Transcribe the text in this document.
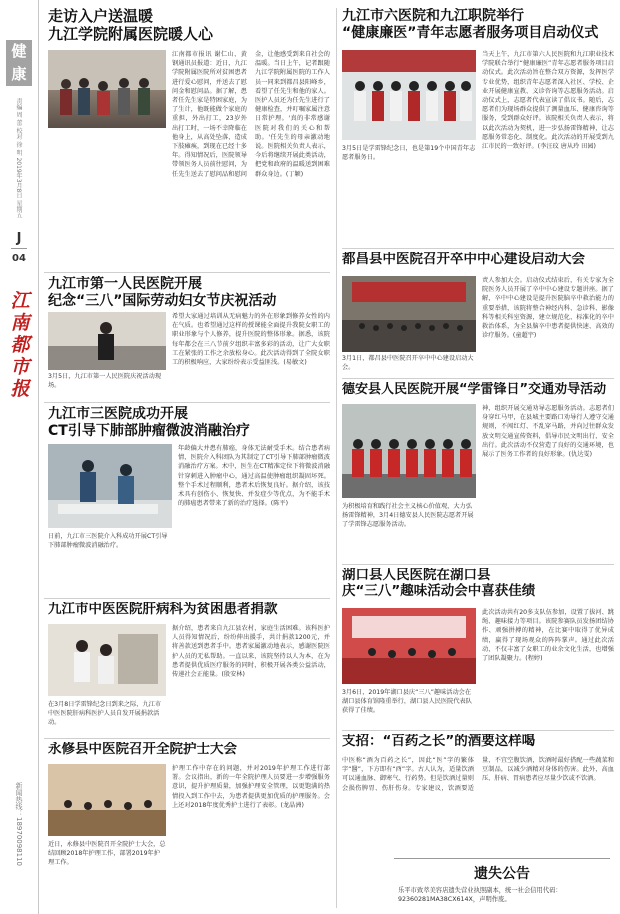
健康
责编 周 蕾 校对 徐 明 2019年3月8日 星期五
J
04
江南都市报
新闻热线：18970098110
走访入户送温暖
九江学院附属医院暖人心

江南都市报讯 谢仁山、黄钢通讯员报道：近日，九江学院附属医院所对贫困患者进行爱心慰问，并送去了慰问金和慰问品。据了解，患者任先生家是特困家庭，为了生计，他既能做个家庭的重担，外出打工，23岁外出打工时，一场不幸降临在他身上，从高处坠落，造成下肢瘫痪，到现在已经十多年。得知情况后，医院领导带领医务人员前往慰问，为任先生送去了慰问品和慰问金，让他感受到来自社会的温暖。当日上午，记者跟随九江学院附属医院的工作人员一同来到都昌县阳峰乡，看望了任先生和他的家人。医护人员还为任先生进行了健康检查，并叮嘱家属注意日常护理。'真的非常感谢医院对我们的关心和帮助。'任先生的母亲激动地说。医院相关负责人表示，今后将继续开展此类活动，把党和政府的温暖送到困难群众身边。(丁颖)

九江市第一人民医院开展
纪念“三八”国际劳动妇女节庆祝活动

3月5日，九江市第一人民医院庆祝活动现场。

希望大家通过培训从无病魅力的外在形象到修养女性的内在气质。也希望通过这样的授课能全面提升我院女职工的职业形象与个人修养，提升医院的整体形象。据悉，该院每年都会在三八节前夕组织丰富多彩的活动，让广大女职工在紧张的工作之余放松身心。此次活动得到了全院女职工的积极响应，大家纷纷表示受益匪浅。(易敏文)

九江市三医院成功开展
CT引导下肺部肿瘤微波消融治疗

日前，九江市三医院介入科成功开展CT引导下肺部肿瘤微波消融治疗。

年龄偏大并患有肺癌，身体无法耐受手术。结合患者病情，医院介入科团队为其制定了CT引导下肺部肿瘤微波消融治疗方案。术中，医生在CT精准定位下将微波消融针穿刺进入肿瘤中心，通过高温使肿瘤组织凝固坏死。整个手术过程顺利，患者术后恢复良好。据介绍，该技术具有创伤小、恢复快、并发症少等优点，为不能手术的肺癌患者带来了新的治疗选择。(陈平)

九江市中医医院肝病科为贫困患者捐款

在3月8日学雷锋纪念日到来之际，九江市中医医院肝病科医护人员自发开展捐款活动。

据介绍，患者来自九江县农村，家庭生活困难。该科医护人员得知情况后，纷纷伸出援手，共计捐款1200元，并将善款送到患者手中。患者家属激动地表示，感谢医院医护人员的无私帮助。一直以来，该院坚持以人为本，在为患者提供优质医疗服务的同时，积极开展各类公益活动，传递社会正能量。(殷安林)

永修县中医院召开全院护士大会

近日，永修县中医院召开全院护士大会，总结回顾2018年护理工作，部署2019年护理工作。

护理工作中存在的问题，并对2019年护理工作进行部署。会议指出，新的一年全院护理人员要进一步增强服务意识，提升护理质量，加强护理安全管理，以更饱满的热情投入到工作中去，为患者提供更加优质的护理服务。会上还对2018年度优秀护士进行了表彰。(龙晶洲)

九江市六医院和九江职院举行
“健康廉医”青年志愿者服务项目启动仪式

3月5日是学雷锋纪念日，也是第19个中国青年志愿者服务日。

当天上午，九江市第六人民医院和九江职业技术学院联合举行“健康廉医”青年志愿者服务项目启动仪式。此次活动旨在整合双方资源，发挥医学专业优势，组织青年志愿者深入社区、学校、企业开展健康宣教、义诊咨询等志愿服务活动。启动仪式上，志愿者代表宣读了倡议书。随后，志愿者们为现场群众提供了测量血压、健康咨询等服务，受到群众好评。该院相关负责人表示，将以此次活动为契机，进一步弘扬雷锋精神，让志愿服务常态化、制度化。此次活动的开展受到九江市民的一致好评。(李汪玟 唐从玲 田园)

都昌县中医院召开卒中中心建设启动大会

3月1日，都昌县中医院召开卒中中心建设启动大会。

责人参加大会。启动仪式结束后，有关专家为全院医务人员开展了卒中中心建设专题讲座。据了解，卒中中心建设是提升医院脑卒中救治能力的重要举措，该院将整合神经内科、急诊科、影像科等相关科室资源，建立规范化、标准化的卒中救治体系，为全县脑卒中患者提供快速、高效的诊疗服务。(童超宇)

德安县人民医院开展“学雷锋日”交通劝导活动

为积极培育和践行社会主义核心价值观，大力弘扬雷锋精神，3月4日德安县人民医院志愿者开展了学雷锋志愿服务活动。

神，组织开展交通劝导志愿服务活动。志愿者们身穿红马甲，在县城主要路口劝导行人遵守交通规则，不闯红灯、不乱穿马路，并向过往群众发放文明交通宣传资料，倡导市民文明出行、安全出行。此次活动不仅营造了良好的交通环境，也展示了医务工作者的良好形象。(仇达雯)

湖口县人民医院在湖口县
庆“三八”趣味活动会中喜获佳绩

3月6日，2019年湖口县庆“三八”趣味活动会在湖口县体育馆隆重举行，湖口县人民医院代表队获得了佳绩。

此次活动共有20多支队伍参加，设置了拔河、跳绳、趣味接力等项目。该院参赛队员发扬团结协作、顽强拼搏的精神，在比赛中取得了优异成绩，赢得了现场观众的阵阵掌声。通过此次活动，不仅丰富了女职工的业余文化生活，也增强了团队凝聚力。(程婷)

支招：“百药之长”的酒要这样喝

中医称“酒为百药之长”，因此“医”字的繁体字“醫”，下方即有“酉”字。古人认为，适量饮酒可以通血脉、御寒气、行药势。但是饮酒过量则会损伤脾胃、伤肝伤身。专家建议，饮酒要适量，不宜空腹饮酒，饮酒时最好搭配一些蔬菜和豆制品，以减少酒精对身体的伤害。此外，高血压、肝病、胃病患者应尽量少饮或不饮酒。

遗失公告
乐平市致萃美容店遗失营业执照副本，统一社会信用代码：92360281MA38CX614X，声明作废。
